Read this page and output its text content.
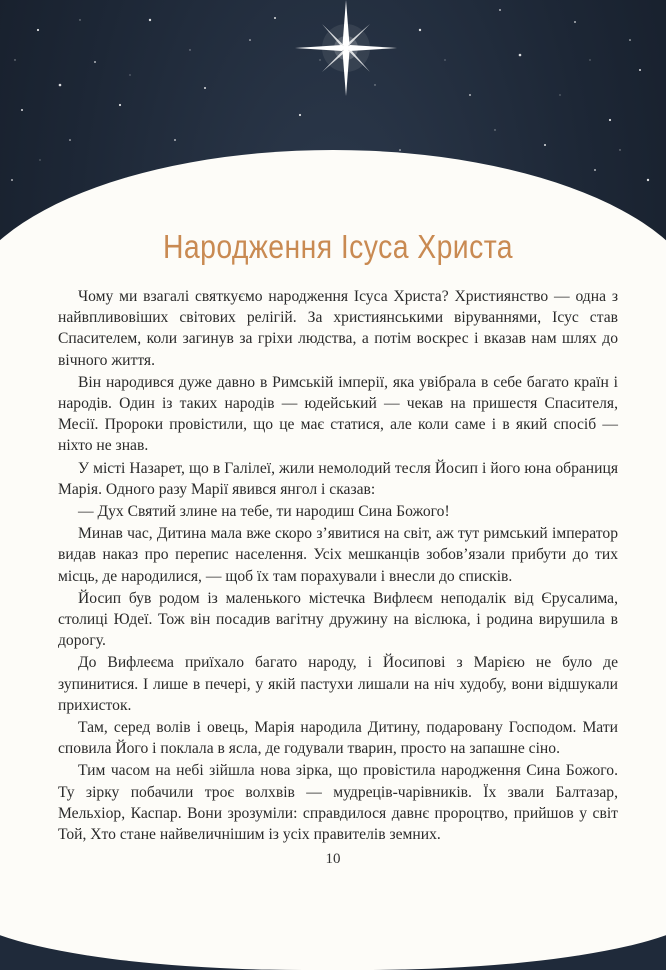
Народження Ісуса Христа

Чому ми взагалі святкуємо народження Ісуса Христа? Християнство — одна з найвпливовіших світових релігій. За християнськими віруваннями, Ісус став Спасителем, коли загинув за гріхи людства, а потім воскрес і вказав нам шлях до вічного життя.

Він народився дуже давно в Римській імперії, яка увібрала в себе багато країн і народів. Один із таких народів — юдейський — чекав на пришестя Спасителя, Месії. Пророки провістили, що це має статися, але коли саме і в який спосіб — ніхто не знав.

У місті Назарет, що в Галілеї, жили немолодий тесля Йосип і його юна обраниця Марія. Одного разу Марії явився янгол і сказав:

— Дух Святий злине на тебе, ти народиш Сина Божого!

Минав час, Дитина мала вже скоро з’явитися на світ, аж тут римський імператор видав наказ про перепис населення. Усіх мешканців зобов’язали прибути до тих місць, де народилися, — щоб їх там порахували і внесли до списків.

Йосип був родом із маленького містечка Вифлеєм неподалік від Єрусалима, столиці Юдеї. Тож він посадив вагітну дружину на віслюка, і родина вирушила в дорогу.

До Вифлеєма приїхало багато народу, і Йосипові з Марією не було де зупинитися. І лише в печері, у якій пастухи лишали на ніч худобу, вони відшукали прихисток.

Там, серед волів і овець, Марія народила Дитину, подаровану Господом. Мати сповила Його і поклала в ясла, де годували тварин, просто на запашне сіно.

Тим часом на небі зійшла нова зірка, що провістила народження Сина Божого. Ту зірку побачили троє волхвів — мудреців-чарівників. Їх звали Балтазар, Мельхіор, Каспар. Вони зрозуміли: справдилося давнє пророцтво, прийшов у світ Той, Хто стане найвеличнішим із усіх правителів земних.

10
